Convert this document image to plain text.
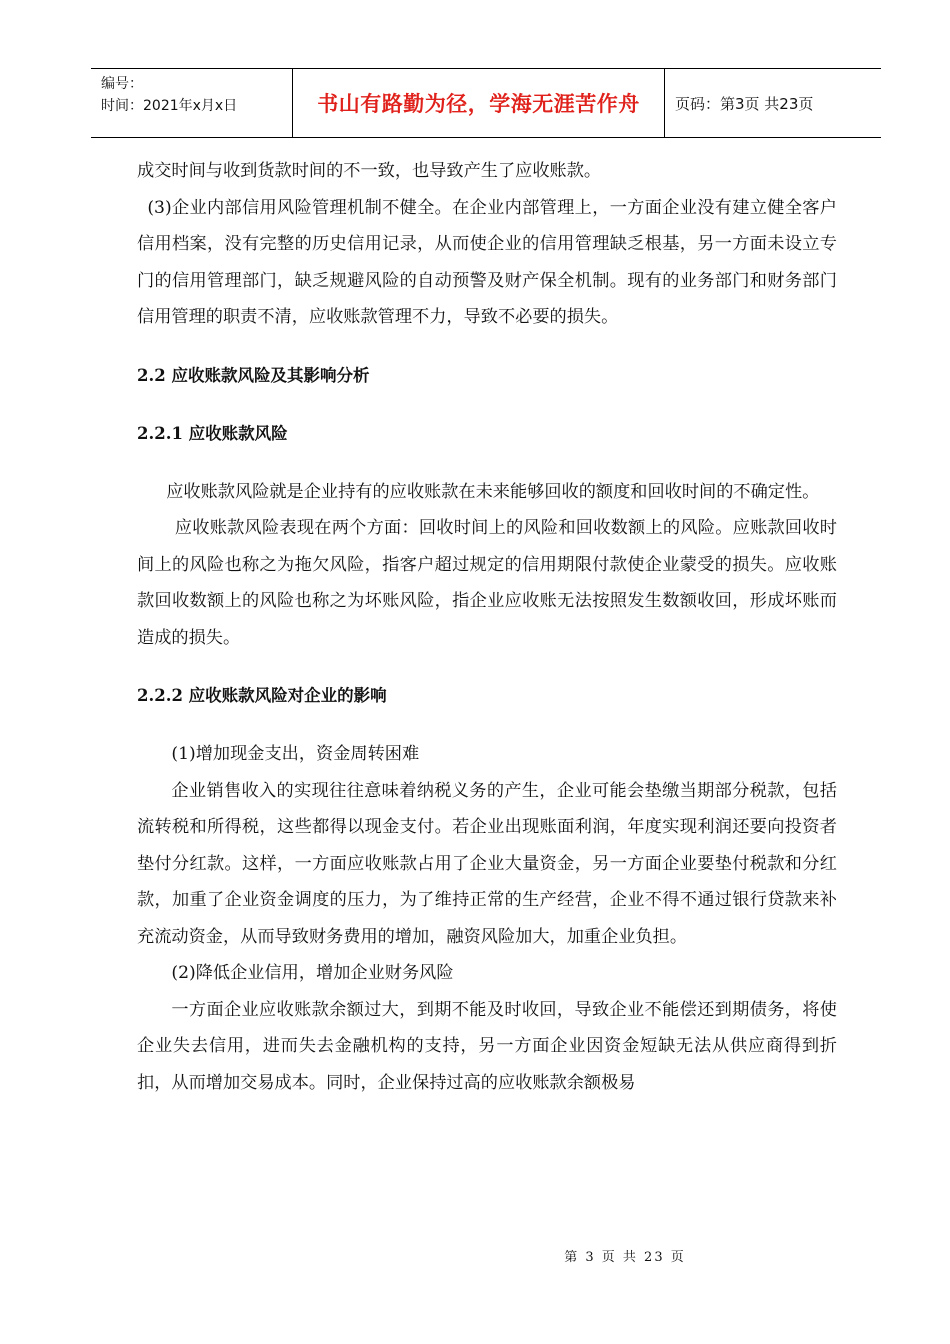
编号：
时间：2021年x月x日	书山有路勤为径，学海无涯苦作舟	页码：第3页 共23页

成交时间与收到货款时间的不一致，也导致产生了应收账款。

(3)企业内部信用风险管理机制不健全。在企业内部管理上，一方面企业没有建立健全客户信用档案，没有完整的历史信用记录，从而使企业的信用管理缺乏根基，另一方面未设立专门的信用管理部门，缺乏规避风险的自动预警及财产保全机制。现有的业务部门和财务部门信用管理的职责不清，应收账款管理不力，导致不必要的损失。

2.2 应收账款风险及其影响分析

2.2.1 应收账款风险

应收账款风险就是企业持有的应收账款在未来能够回收的额度和回收时间的不确定性。

应收账款风险表现在两个方面：回收时间上的风险和回收数额上的风险。应账款回收时间上的风险也称之为拖欠风险，指客户超过规定的信用期限付款使企业蒙受的损失。应收账款回收数额上的风险也称之为坏账风险，指企业应收账无法按照发生数额收回，形成坏账而造成的损失。

2.2.2 应收账款风险对企业的影响

(1)增加现金支出，资金周转困难

企业销售收入的实现往往意味着纳税义务的产生，企业可能会垫缴当期部分税款，包括流转税和所得税，这些都得以现金支付。若企业出现账面利润，年度实现利润还要向投资者垫付分红款。这样，一方面应收账款占用了企业大量资金，另一方面企业要垫付税款和分红款，加重了企业资金调度的压力，为了维持正常的生产经营，企业不得不通过银行贷款来补充流动资金，从而导致财务费用的增加，融资风险加大，加重企业负担。

(2)降低企业信用，增加企业财务风险

一方面企业应收账款余额过大，到期不能及时收回，导致企业不能偿还到期债务，将使企业失去信用，进而失去金融机构的支持，另一方面企业因资金短缺无法从供应商得到折扣，从而增加交易成本。同时，企业保持过高的应收账款余额极易

第 3 页 共 23 页
